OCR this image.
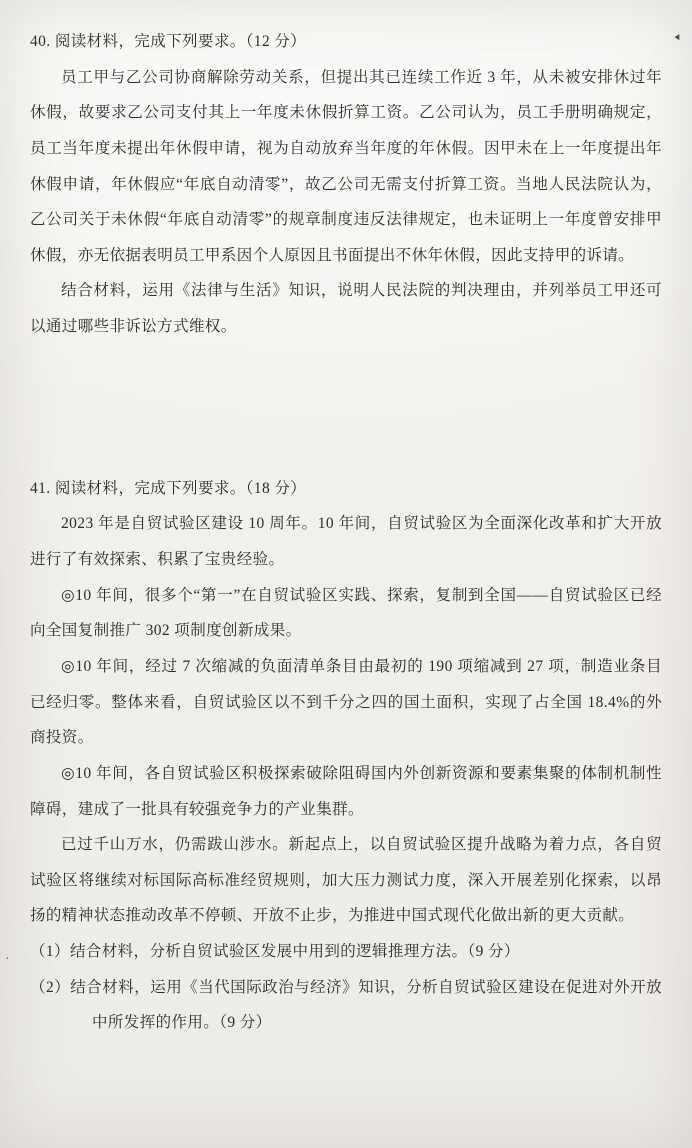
◄
·
40. 阅读材料，完成下列要求。（12 分）

员工甲与乙公司协商解除劳动关系，但提出其已连续工作近 3 年，从未被安排休过年休假，故要求乙公司支付其上一年度未休假折算工资。乙公司认为，员工手册明确规定，员工当年度未提出年休假申请，视为自动放弃当年度的年休假。因甲未在上一年度提出年休假申请，年休假应“年底自动清零”，故乙公司无需支付折算工资。当地人民法院认为，乙公司关于未休假“年底自动清零”的规章制度违反法律规定，也未证明上一年度曾安排甲休假，亦无依据表明员工甲系因个人原因且书面提出不休年休假，因此支持甲的诉请。

结合材料，运用《法律与生活》知识，说明人民法院的判决理由，并列举员工甲还可以通过哪些非诉讼方式维权。

41. 阅读材料，完成下列要求。（18 分）

2023 年是自贸试验区建设 10 周年。10 年间，自贸试验区为全面深化改革和扩大开放进行了有效探索、积累了宝贵经验。

◎10 年间，很多个“第一”在自贸试验区实践、探索，复制到全国——自贸试验区已经向全国复制推广 302 项制度创新成果。

◎10 年间，经过 7 次缩减的负面清单条目由最初的 190 项缩减到 27 项，制造业条目已经归零。整体来看，自贸试验区以不到千分之四的国土面积，实现了占全国 18.4%的外商投资。

◎10 年间，各自贸试验区积极探索破除阻碍国内外创新资源和要素集聚的体制机制性障碍，建成了一批具有较强竞争力的产业集群。

已过千山万水，仍需跋山涉水。新起点上，以自贸试验区提升战略为着力点，各自贸试验区将继续对标国际高标准经贸规则，加大压力测试力度，深入开展差别化探索，以昂扬的精神状态推动改革不停顿、开放不止步，为推进中国式现代化做出新的更大贡献。

（1）结合材料，分析自贸试验区发展中用到的逻辑推理方法。（9 分）

（2）结合材料，运用《当代国际政治与经济》知识，分析自贸试验区建设在促进对外开放中所发挥的作用。（9 分）
